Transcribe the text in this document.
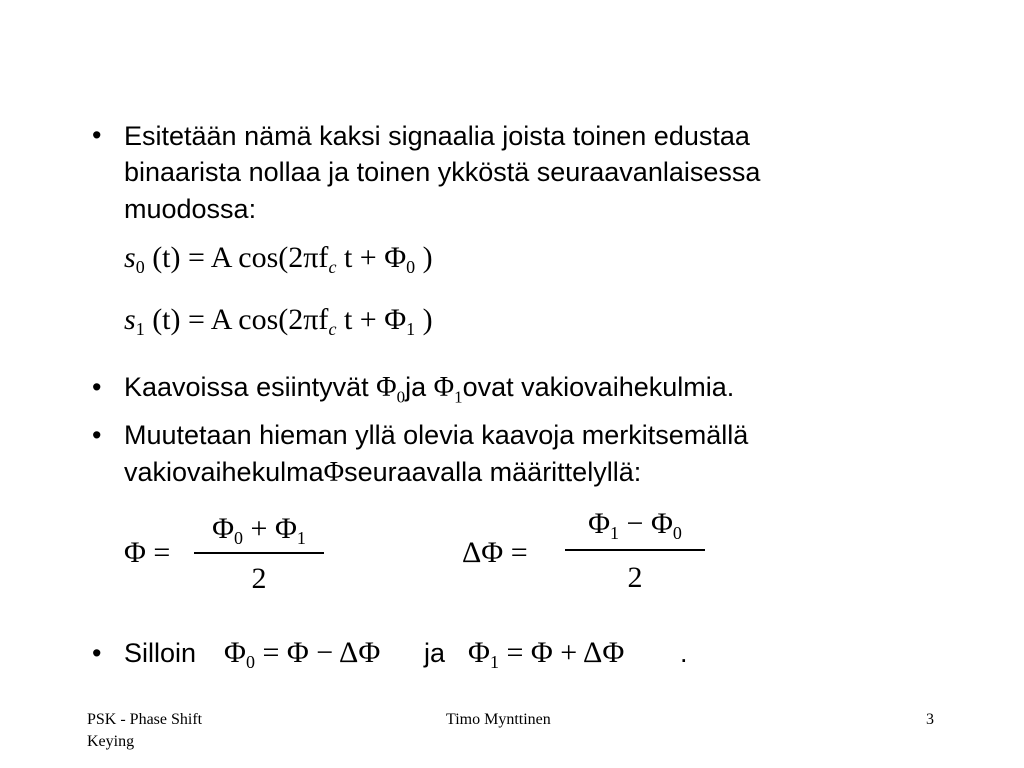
• Esitetään nämä kaksi signaalia joista toinen edustaa
binaarista nollaa ja toinen ykköstä seuraavanlaisessa
muodossa:
$s_0$ (t) = A $\cos(2\pi f_c$ $t + \Phi_0$ )
$s_1$ (t) = A $\cos(2\pi f_c$ $t + \Phi_1$ )
• Kaavoissa esiintyvät $\Phi_0ja$ $\Phi_1ovat$ vakiovaihekulmia.
• Muutetaan hieman yllä olevia kaavoja merkitsemällä
vakiovaihekulmaΦseuraavalla määrittelyllä:
Φ =
$\Phi_0 + \Phi_1$
2
ΔΦ =
$\Phi_1 - \Phi_0$
2
• Silloin $\Phi_0 = \Phi - \Delta\Phi$ ja $\Phi_1 = \Phi + \Delta\Phi$ .
PSK - Phase Shift
Keying
Timo Mynttinen	3
